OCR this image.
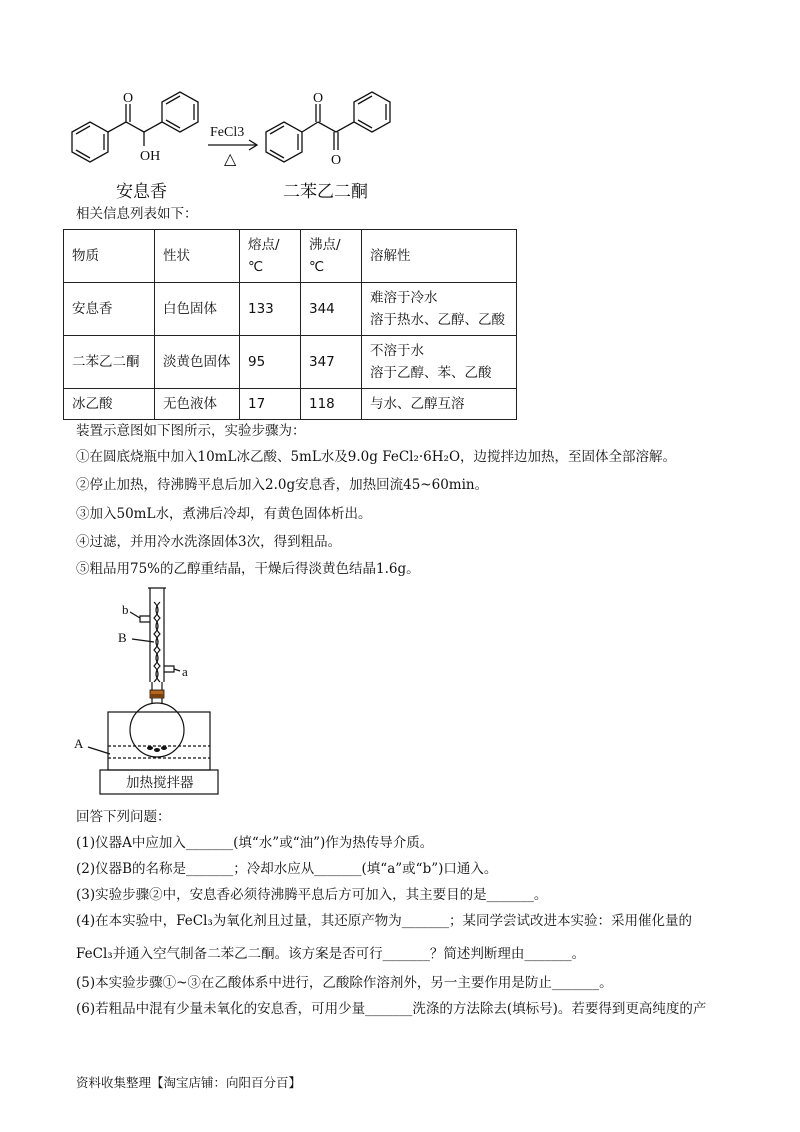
O
OH
FeCl3
△
O
O
安息香	二苯乙二酮
相关信息列表如下：
物质	性状	熔点/℃	沸点/℃	溶解性
安息香	白色固体	133	344	难溶于冷水
溶于热水、乙醇、乙酸

二苯乙二酮	淡黄色固体	95	347	不溶于水
溶于乙醇、苯、乙酸

冰乙酸	无色液体	17	118	与水、乙醇互溶
装置示意图如下图所示，实验步骤为：
①在圆底烧瓶中加入10mL冰乙酸、5mL水及9.0g FeCl₂·6H₂O，边搅拌边加热，至固体全部溶解。
②停止加热，待沸腾平息后加入2.0g安息香，加热回流45~60min。
③加入50mL水，煮沸后冷却，有黄色固体析出。
④过滤，并用冷水洗涤固体3次，得到粗品。
⑤粗品用75%的乙醇重结晶，干燥后得淡黄色结晶1.6g。
b
B
a
A
加热搅拌器
回答下列问题：
(1)仪器A中应加入_______(填“水”或“油”)作为热传导介质。
(2)仪器B的名称是_______；冷却水应从_______(填“a”或“b”)口通入。
(3)实验步骤②中，安息香必须待沸腾平息后方可加入，其主要目的是_______。
(4)在本实验中，FeCl₃为氧化剂且过量，其还原产物为_______；某同学尝试改进本实验：采用催化量的
FeCl₃并通入空气制备二苯乙二酮。该方案是否可行_______？简述判断理由_______。
(5)本实验步骤①~③在乙酸体系中进行，乙酸除作溶剂外，另一主要作用是防止_______。
(6)若粗品中混有少量未氧化的安息香，可用少量_______洗涤的方法除去(填标号)。若要得到更高纯度的产
资料收集整理【淘宝店铺：向阳百分百】
